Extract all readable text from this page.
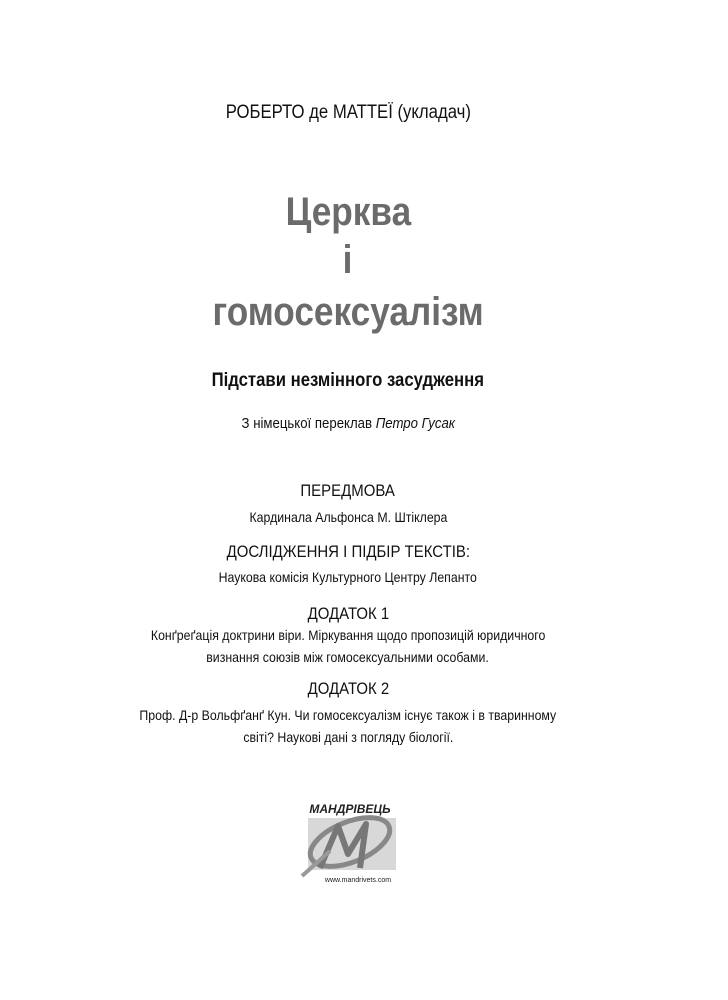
РОБЕРТО де МАТТЕЇ (укладач)
Церква
і
гомосексуалізм
Підстави незмінного засудження
З німецької переклав Петро Гусак
ПЕРЕДМОВА
Кардинала Альфонса М. Штіклера
ДОСЛІДЖЕННЯ І ПІДБІР ТЕКСТІВ:
Наукова комісія Культурного Центру Лепанто
ДОДАТОК 1
Конґреґація доктрини віри. Міркування щодо пропозицій юридичного
визнання союзів між гомосексуальними особами.
ДОДАТОК 2
Проф. Д-р Вольфґанґ Кун. Чи гомосексуалізм існує також і в тваринному
світі? Наукові дані з погляду біології.
МАНДРІВЕЦЬ
www.mandrivets.com
